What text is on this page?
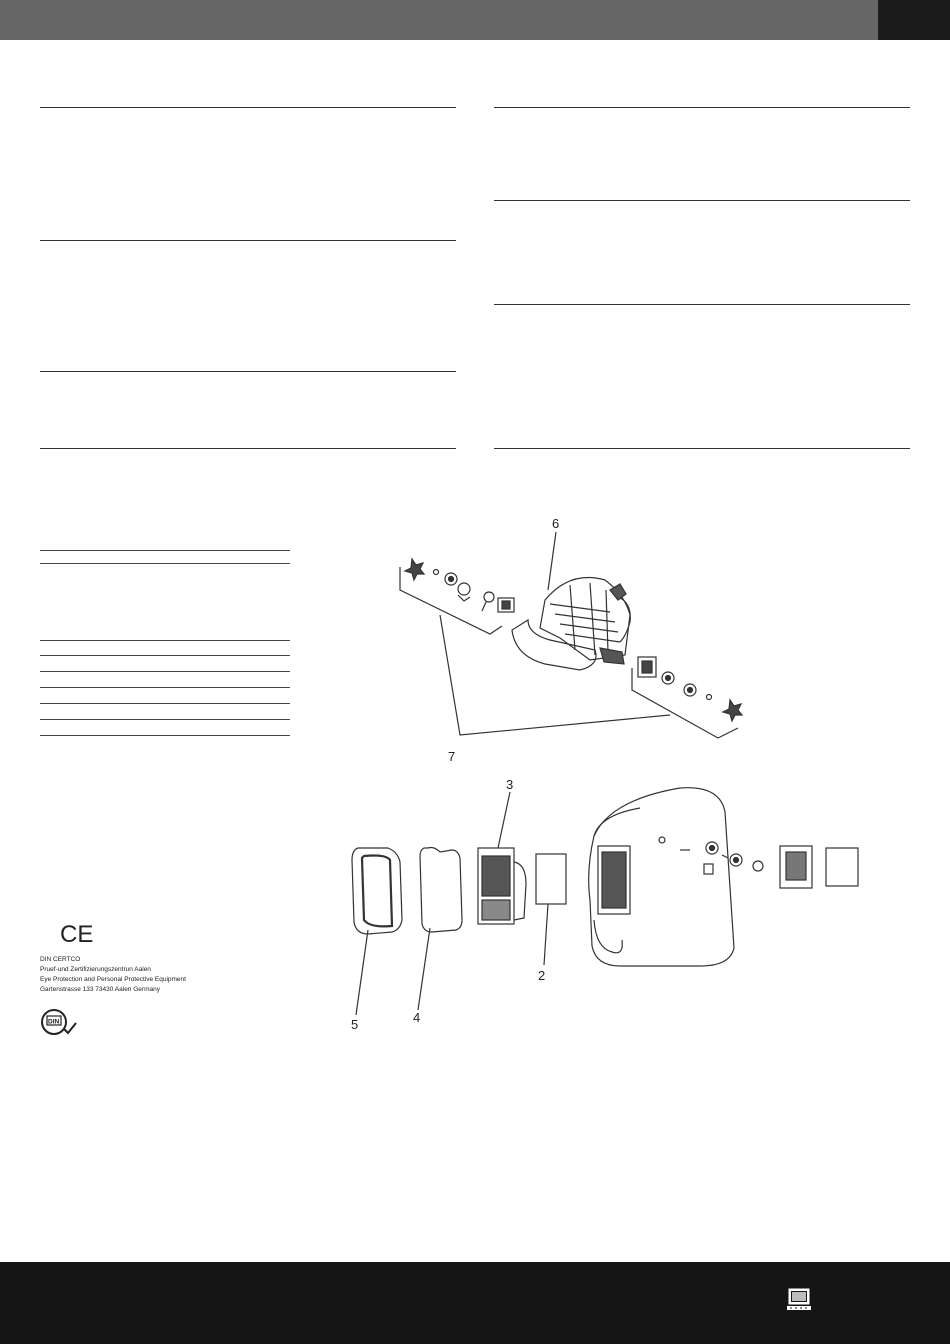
CE
DIN CERTCO
Pruef-und Zertifizierungszentrun Aalen
Eye Protection and Personal Protective Equipment
Gartenstrasse 133 73430 Aalen Germany
DIN
6
7
3
2
4
5
